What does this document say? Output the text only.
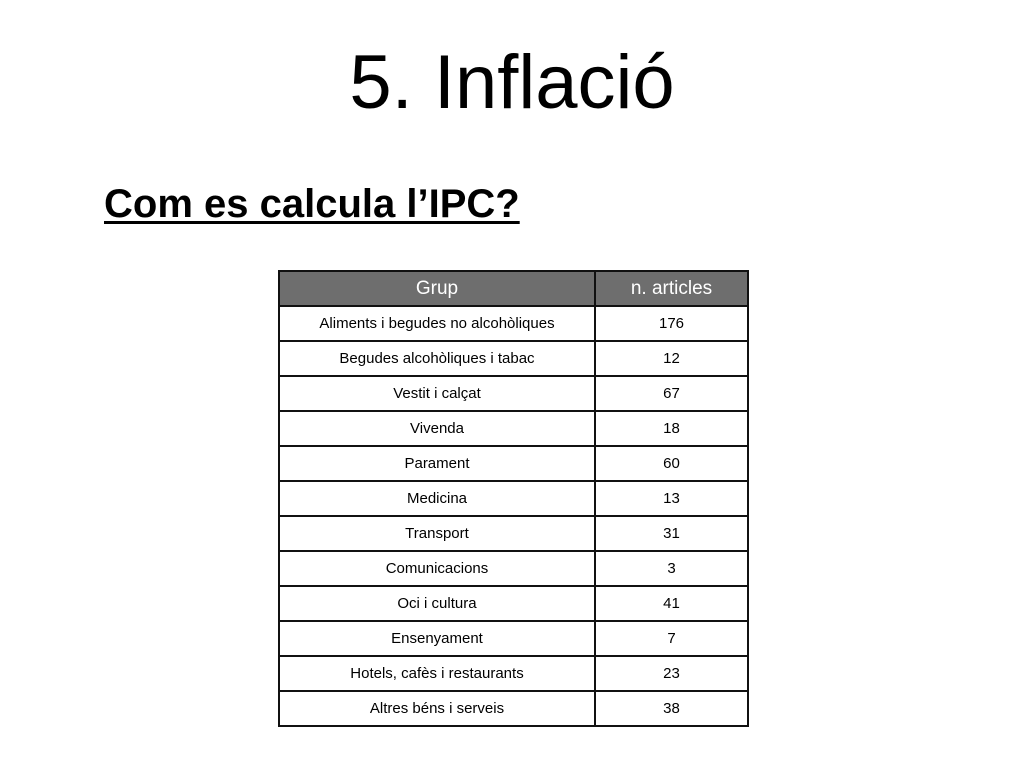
5. Inflació
Com es calcula l’IPC?
Grup	n. articles
Aliments i begudes no alcohòliques	176
Begudes alcohòliques i tabac	12
Vestit i calçat	67
Vivenda	18
Parament	60
Medicina	13
Transport	31
Comunicacions	3
Oci i cultura	41
Ensenyament	7
Hotels, cafès i restaurants	23
Altres béns i serveis	38
